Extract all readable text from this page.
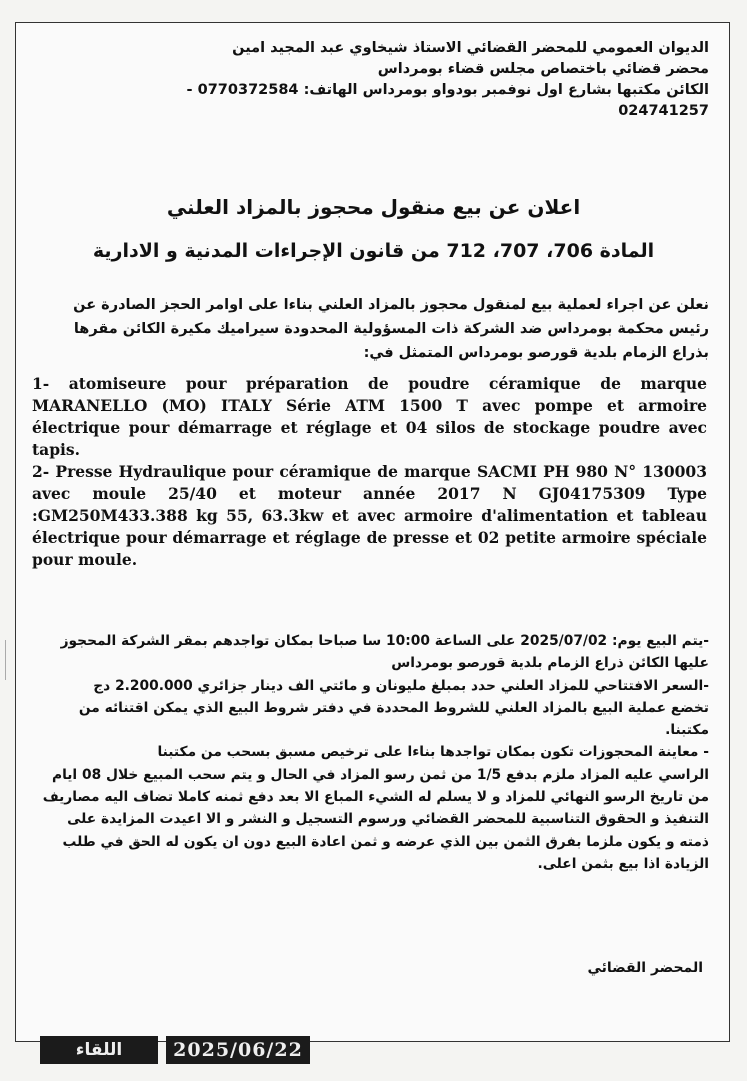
الديوان العمومي للمحضر القضائي الاستاذ شيخاوي عبد المجيد امين
محضر قضائي باختصاص مجلس قضاء بومرداس
الكائن مكتبها بشارع اول نوفمبر بودواو بومرداس الهاتف: 0770372584 -
024741257
اعلان عن بيع منقول محجوز بالمزاد العلني
المادة 706، 707، 712 من قانون الإجراءات المدنية و الادارية
نعلن عن اجراء لعملية بيع لمنقول محجوز بالمزاد العلني بناءا على اوامر الحجز الصادرة عن رئيس محكمة بومرداس ضد الشركة ذات المسؤولية المحدودة سيراميك مكيرة الكائن مقرها بذراع الزمام بلدية قورصو بومرداس المتمثل في:

1- atomiseure pour préparation de poudre céramique de marque MARANELLO (MO) ITALY Série ATM 1500 T avec pompe et armoire électrique pour démarrage et réglage et 04 silos de stockage poudre avec tapis.

2- Presse Hydraulique pour céramique de marque SACMI PH 980 N° 130003 avec moule 25/40 et moteur année 2017 N GJ04175309 Type :GM250M433.388 kg 55, 63.3kw et avec armoire d'alimentation et tableau électrique pour démarrage et réglage de presse et 02 petite armoire spéciale pour moule.

-يتم البيع يوم: 2025/07/02 على الساعة 10:00 سا صباحا بمكان تواجدهم بمقر الشركة المحجوز عليها الكائن ذراع الزمام بلدية قورصو بومرداس

-السعر الافتتاحي للمزاد العلني حدد بمبلغ مليونان و مائتي الف دينار جزائري 2.200.000 دج

تخضع عملية البيع بالمزاد العلني للشروط المحددة في دفتر شروط البيع الذي يمكن اقتنائه من مكتبنا.

- معاينة المحجوزات تكون بمكان تواجدها بناءا على ترخيص مسبق بسحب من مكتبنا

الراسي عليه المزاد ملزم بدفع 1/5 من ثمن رسو المزاد في الحال و يتم سحب المبيع خلال 08 ايام من تاريخ الرسو النهائي للمزاد و لا يسلم له الشيء المباع الا بعد دفع ثمنه كاملا تضاف اليه مصاريف التنفيذ و الحقوق التناسبية للمحضر القضائي ورسوم التسجيل و النشر و الا اعيدت المزايدة على ذمته و يكون ملزما بفرق الثمن بين الذي عرضه و ثمن اعادة البيع دون ان يكون له الحق في طلب الزيادة اذا بيع بثمن اعلى.

المحضر القضائي
اللقاء	2025/06/22
